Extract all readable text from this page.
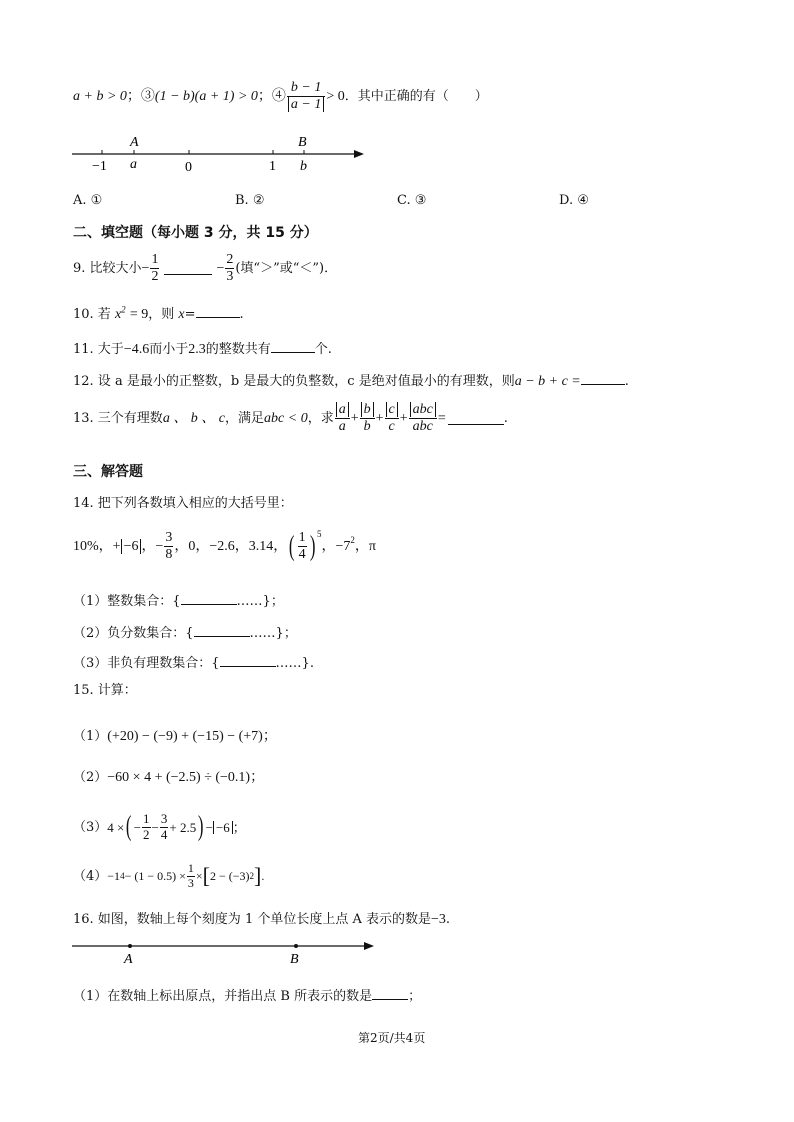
a + b > 0；③(1 − b)(a + 1) > 0；④ $\frac{b - 1}{a - 1} > 0$．其中正确的有（　　）
A	B
−1 a	0	1 b
A. ①	B. ②	C. ③	D. ④
二、填空题（每小题 3 分，共 15 分）
9. 比较大小 − $\frac{1}{2}$	− $\frac{2}{3}$ (填“＞”或“＜”)．
10. 若 $x^2 = 9$，则 x=	.
11. 大于−4.6而小于2.3的整数共有	个.
12. 设 a 是最小的正整数，b 是最大的负整数，c 是绝对值最小的有理数，则a − b + c =	.
13. 三个有理数 a 、 b 、 c ，满足 abc < 0 ，求 $\frac{a}{a} + \frac{b}{b} + \frac{c}{c} + \frac{\text{abc}}{\text{abc}}$ =	.
三、解答题
14. 把下列各数填入相应的大括号里：
10%， + −6 ， − $\frac{3}{8}$ ，0，−2.6，3.14， ( $\frac{1}{4} )^5$
， $-7^2$ ，π
（1）整数集合：{	……}；
（2）负分数集合：{	……}；
（3）非负有理数集合：{	……}.
15. 计算：
（1）(+20) − (−9) + (−15) − (+7)；
（2）−60 × 4 + (−2.5) ÷ (−0.1)；
（3） 4 × ( − $\frac{1}{2} - \frac{3}{4} + 2.5$ ) − −6 ；
（4） −1 $4 - (1 - 0.5) \times \frac{1}{3}$ × [ 2 − (−3) 2 ] .
16. 如图，数轴上每个刻度为 1 个单位长度上点 A 表示的数是−3.
A	B
（1）在数轴上标出原点，并指出点 B 所表示的数是	；
第2页/共4页
